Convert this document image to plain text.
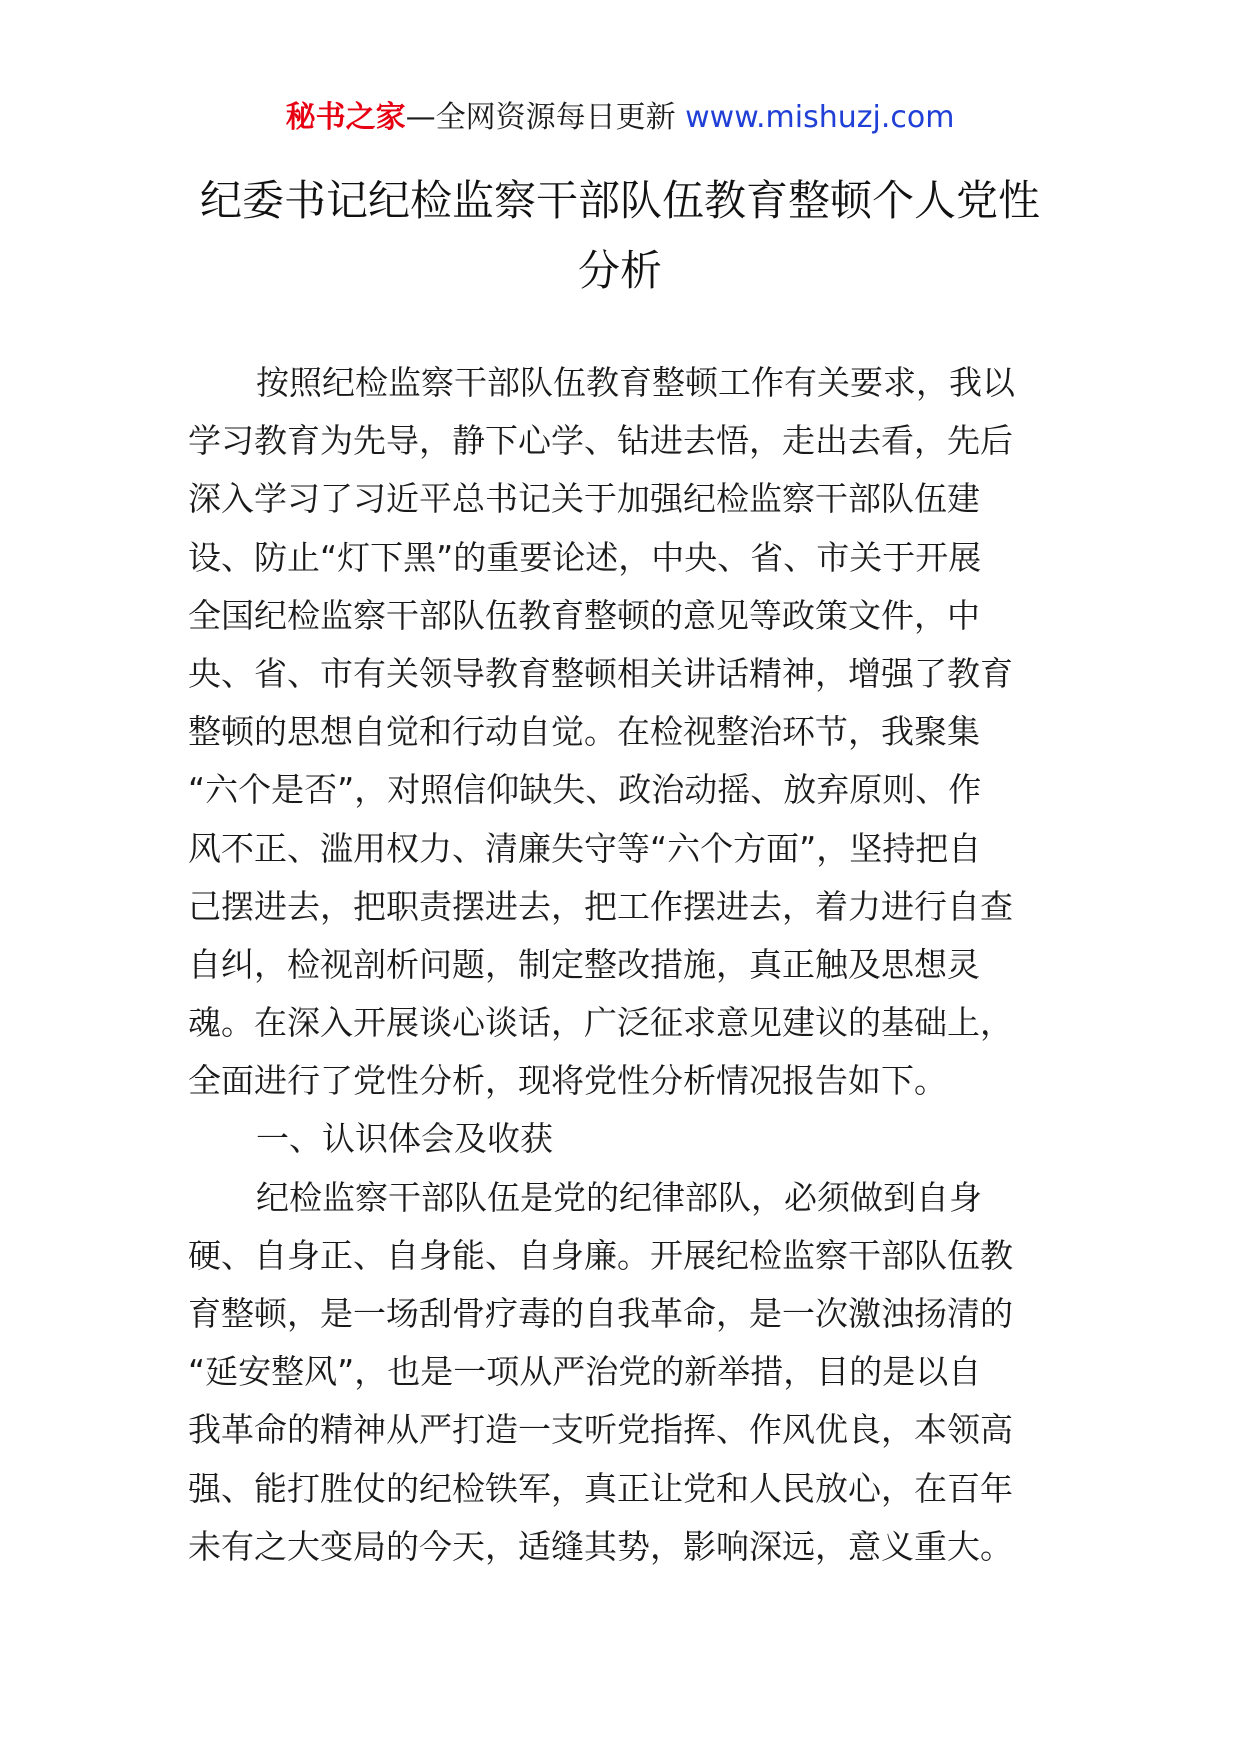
秘书之家—全网资源每日更新 www.mishuzj.com
纪委书记纪检监察干部队伍教育整顿个人党性
分析
按照纪检监察干部队伍教育整顿工作有关要求，我以
学习教育为先导，静下心学、钻进去悟，走出去看，先后
深入学习了习近平总书记关于加强纪检监察干部队伍建
设、防止“灯下黑”的重要论述，中央、省、市关于开展
全国纪检监察干部队伍教育整顿的意见等政策文件，中
央、省、市有关领导教育整顿相关讲话精神，增强了教育
整顿的思想自觉和行动自觉。在检视整治环节，我聚集
“六个是否”，对照信仰缺失、政治动摇、放弃原则、作
风不正、滥用权力、清廉失守等“六个方面”，坚持把自
己摆进去，把职责摆进去，把工作摆进去，着力进行自查
自纠，检视剖析问题，制定整改措施，真正触及思想灵
魂。在深入开展谈心谈话，广泛征求意见建议的基础上，
全面进行了党性分析，现将党性分析情况报告如下。
一、认识体会及收获
纪检监察干部队伍是党的纪律部队，必须做到自身
硬、自身正、自身能、自身廉。开展纪检监察干部队伍教
育整顿，是一场刮骨疗毒的自我革命，是一次激浊扬清的
“延安整风”，也是一项从严治党的新举措，目的是以自
我革命的精神从严打造一支听党指挥、作风优良，本领高
强、能打胜仗的纪检铁军，真正让党和人民放心，在百年
未有之大变局的今天，适缝其势，影响深远，意义重大。
